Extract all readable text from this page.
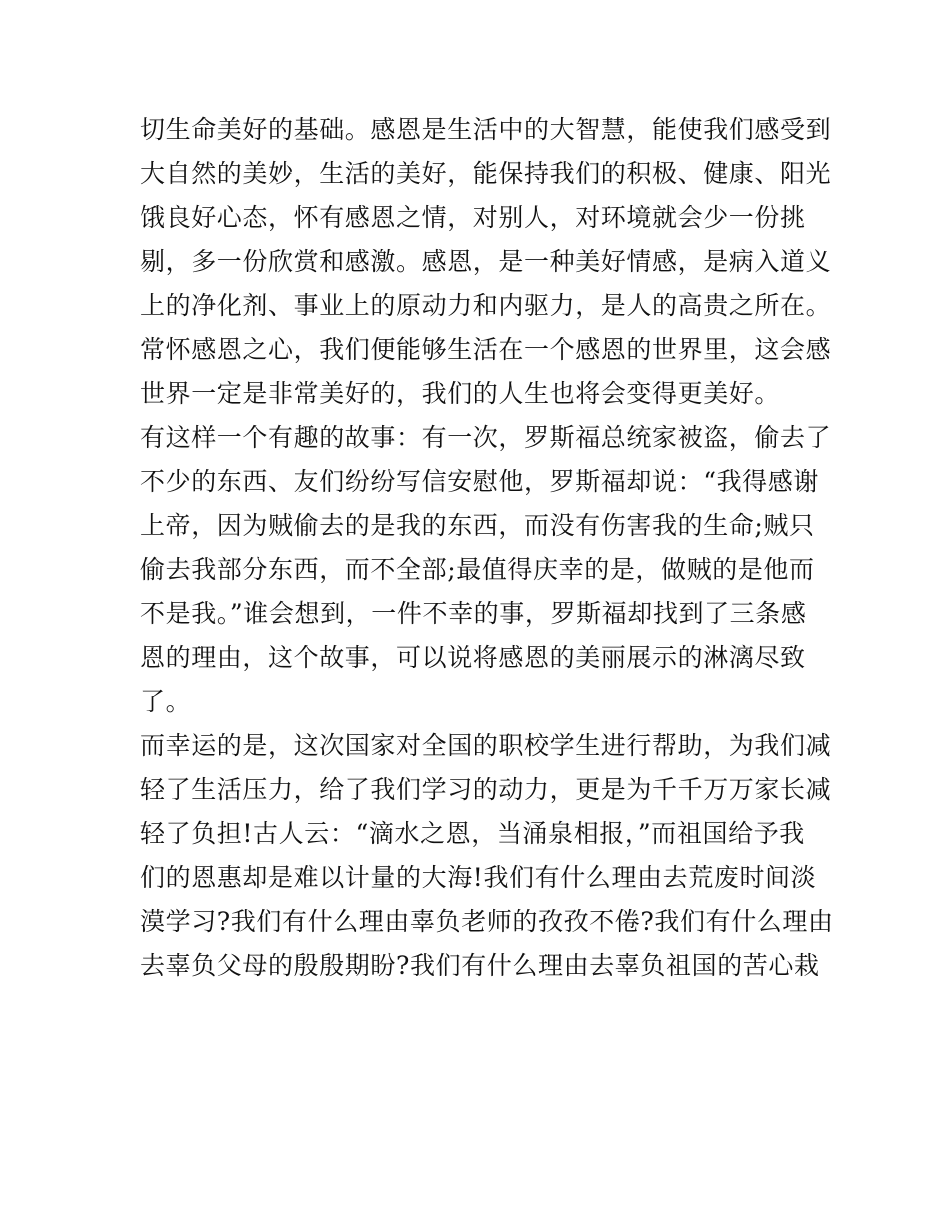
切生命美好的基础。感恩是生活中的大智慧，能使我们感受到
大自然的美妙，生活的美好，能保持我们的积极、健康、阳光
饿良好心态，怀有感恩之情，对别人，对环境就会少一份挑
剔，多一份欣赏和感激。感恩，是一种美好情感，是病入道义
上的净化剂、事业上的原动力和内驱力，是人的高贵之所在。
常怀感恩之心，我们便能够生活在一个感恩的世界里，这会感
世界一定是非常美好的，我们的人生也将会变得更美好。
有这样一个有趣的故事：有一次，罗斯福总统家被盗，偷去了
不少的东西、友们纷纷写信安慰他，罗斯福却说：“我得感谢
上帝，因为贼偷去的是我的东西，而没有伤害我的生命;贼只
偷去我部分东西，而不全部;最值得庆幸的是，做贼的是他而
不是我。”谁会想到，一件不幸的事，罗斯福却找到了三条感
恩的理由，这个故事，可以说将感恩的美丽展示的淋漓尽致
了。
而幸运的是，这次国家对全国的职校学生进行帮助，为我们减
轻了生活压力，给了我们学习的动力，更是为千千万万家长减
轻了负担!古人云：“滴水之恩，当涌泉相报，”而祖国给予我
们的恩惠却是难以计量的大海!我们有什么理由去荒废时间淡
漠学习?我们有什么理由辜负老师的孜孜不倦?我们有什么理由
去辜负父母的殷殷期盼?我们有什么理由去辜负祖国的苦心栽
